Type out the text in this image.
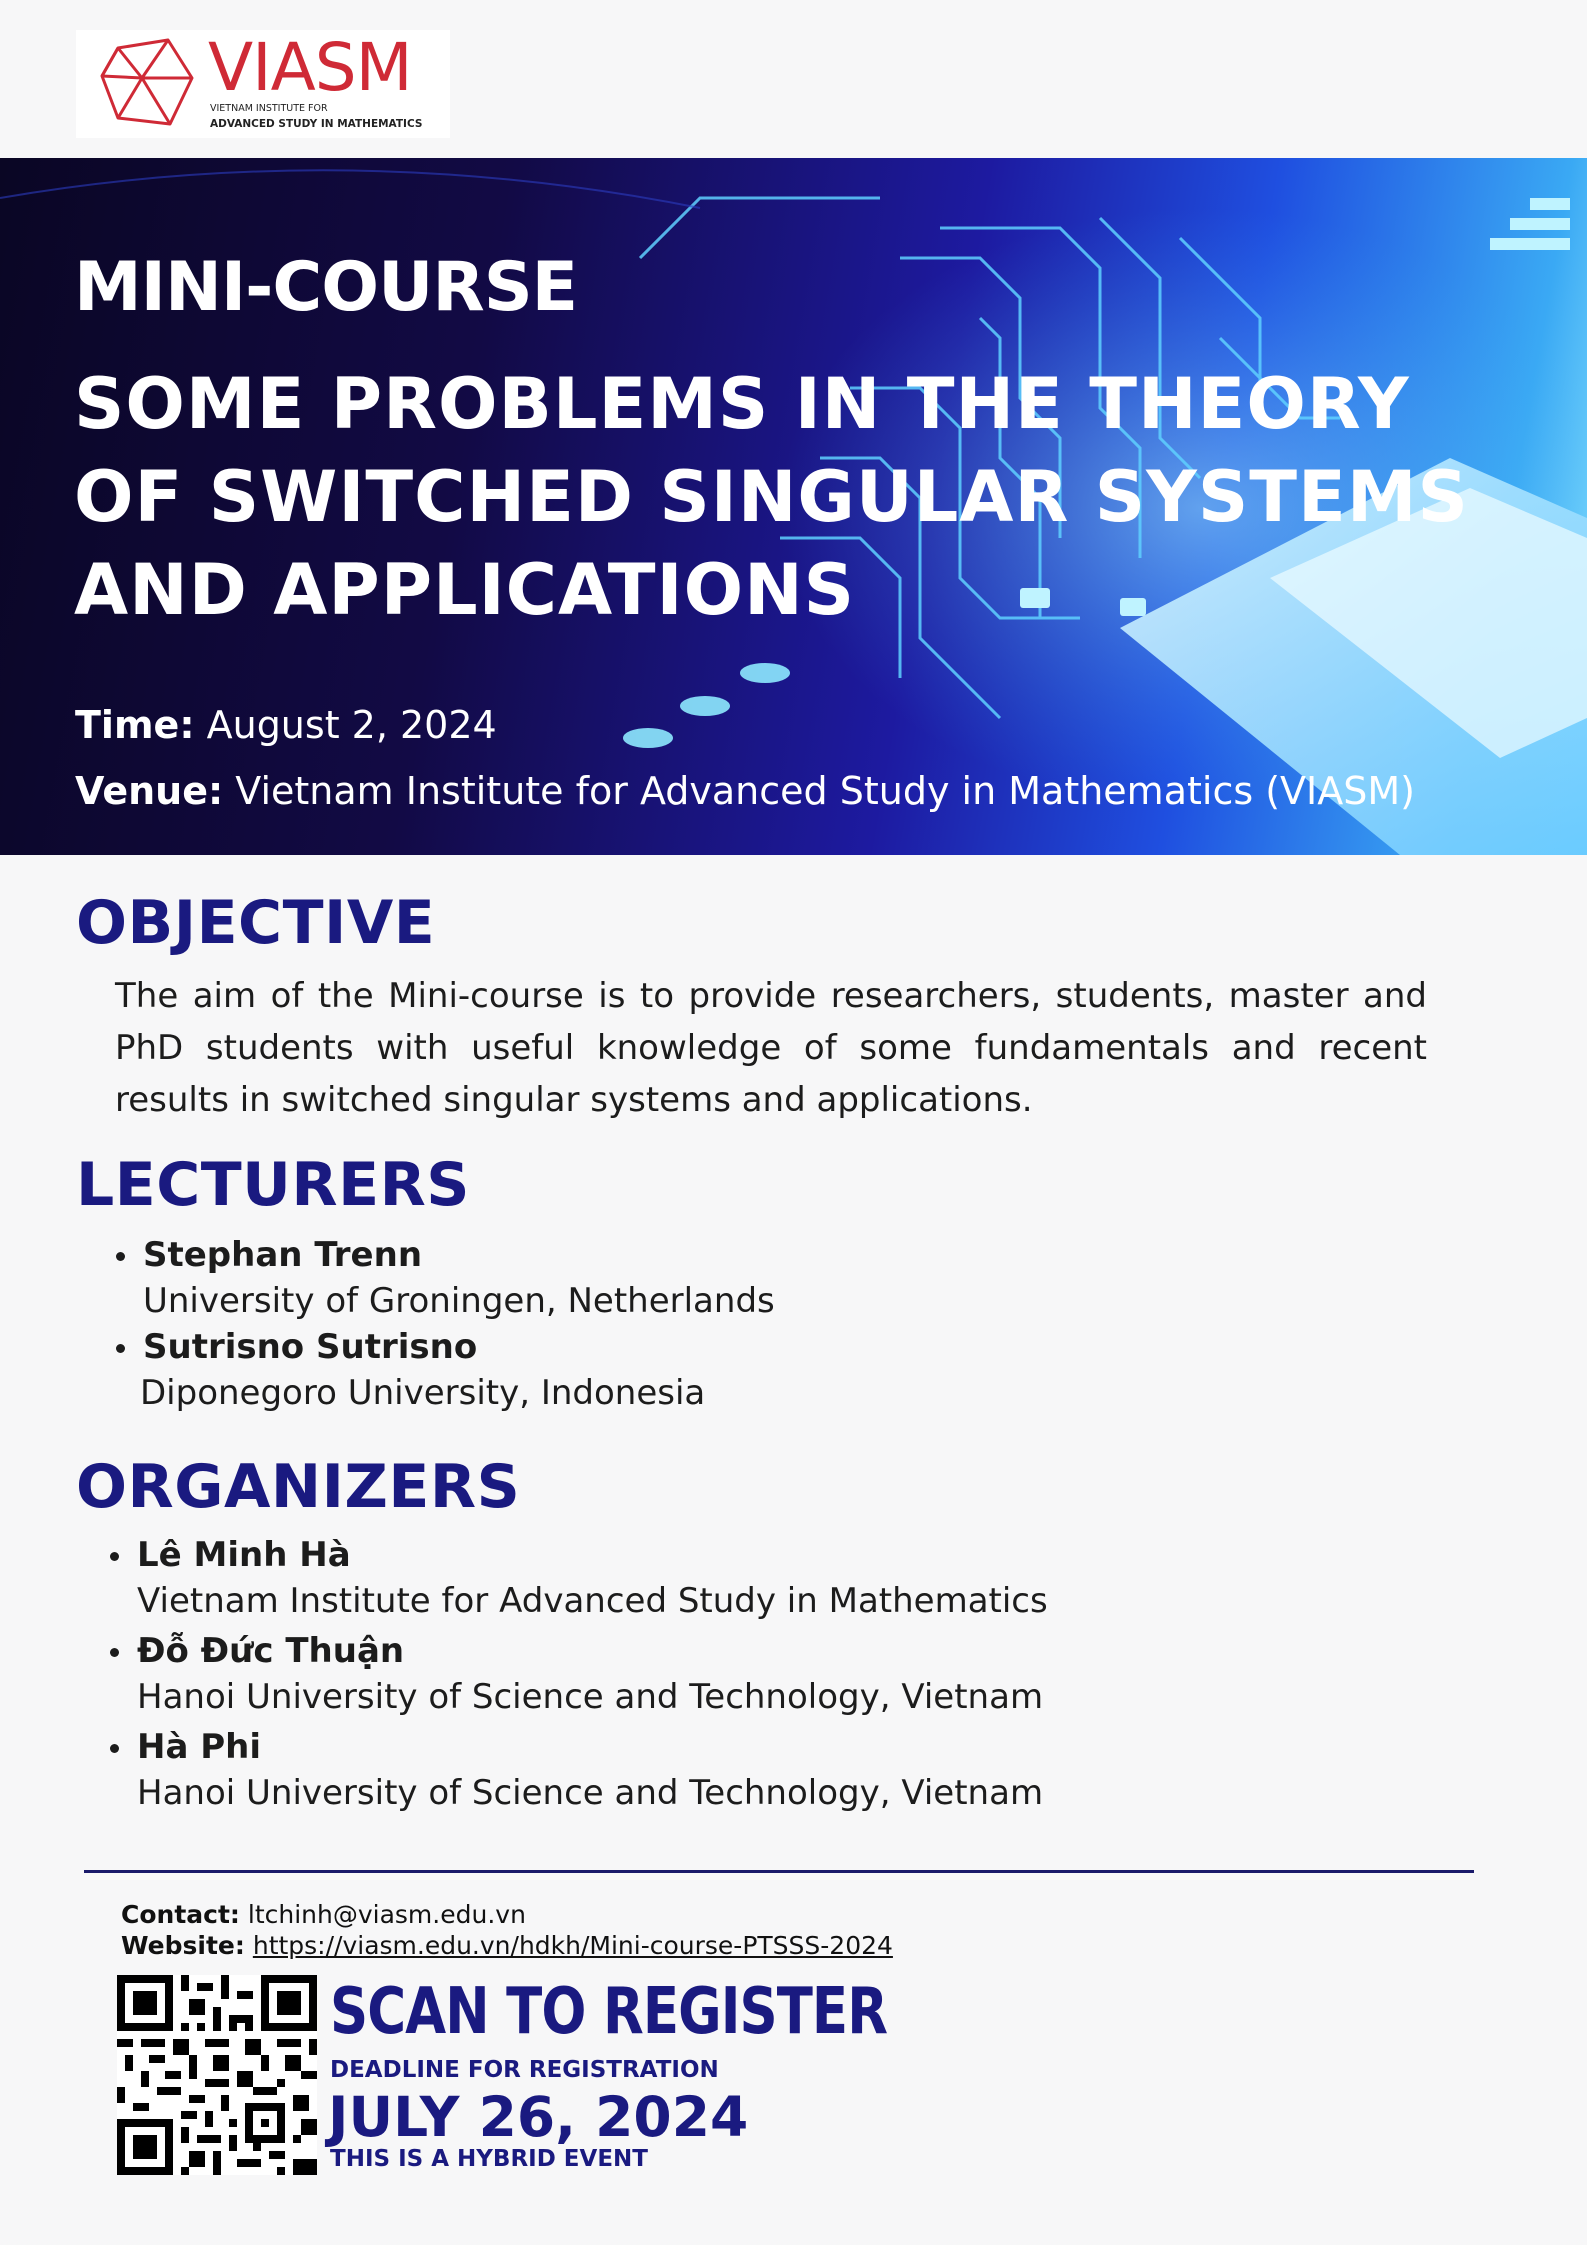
VIASM
VIETNAM INSTITUTE FOR
ADVANCED STUDY IN MATHEMATICS
MINI-COURSE
SOME PROBLEMS IN THE THEORY
OF SWITCHED SINGULAR SYSTEMS
AND APPLICATIONS
Time: August 2, 2024
Venue: Vietnam Institute for Advanced Study in Mathematics (VIASM)
OBJECTIVE
The aim of the Mini-course is to provide researchers, students, master and PhD students with useful knowledge of some fundamentals and recent results in switched singular systems and applications.
LECTURERS
Stephan Trenn
University of Groningen, Netherlands
Sutrisno Sutrisno
Diponegoro University, Indonesia
ORGANIZERS
Lê Minh Hà
Vietnam Institute for Advanced Study in Mathematics
Đỗ Đức Thuận
Hanoi University of Science and Technology, Vietnam
Hà Phi
Hanoi University of Science and Technology, Vietnam
Contact: ltchinh@viasm.edu.vn
Website: https://viasm.edu.vn/hdkh/Mini-course-PTSSS-2024
SCAN TO REGISTER
DEADLINE FOR REGISTRATION
JULY 26, 2024
THIS IS A HYBRID EVENT
